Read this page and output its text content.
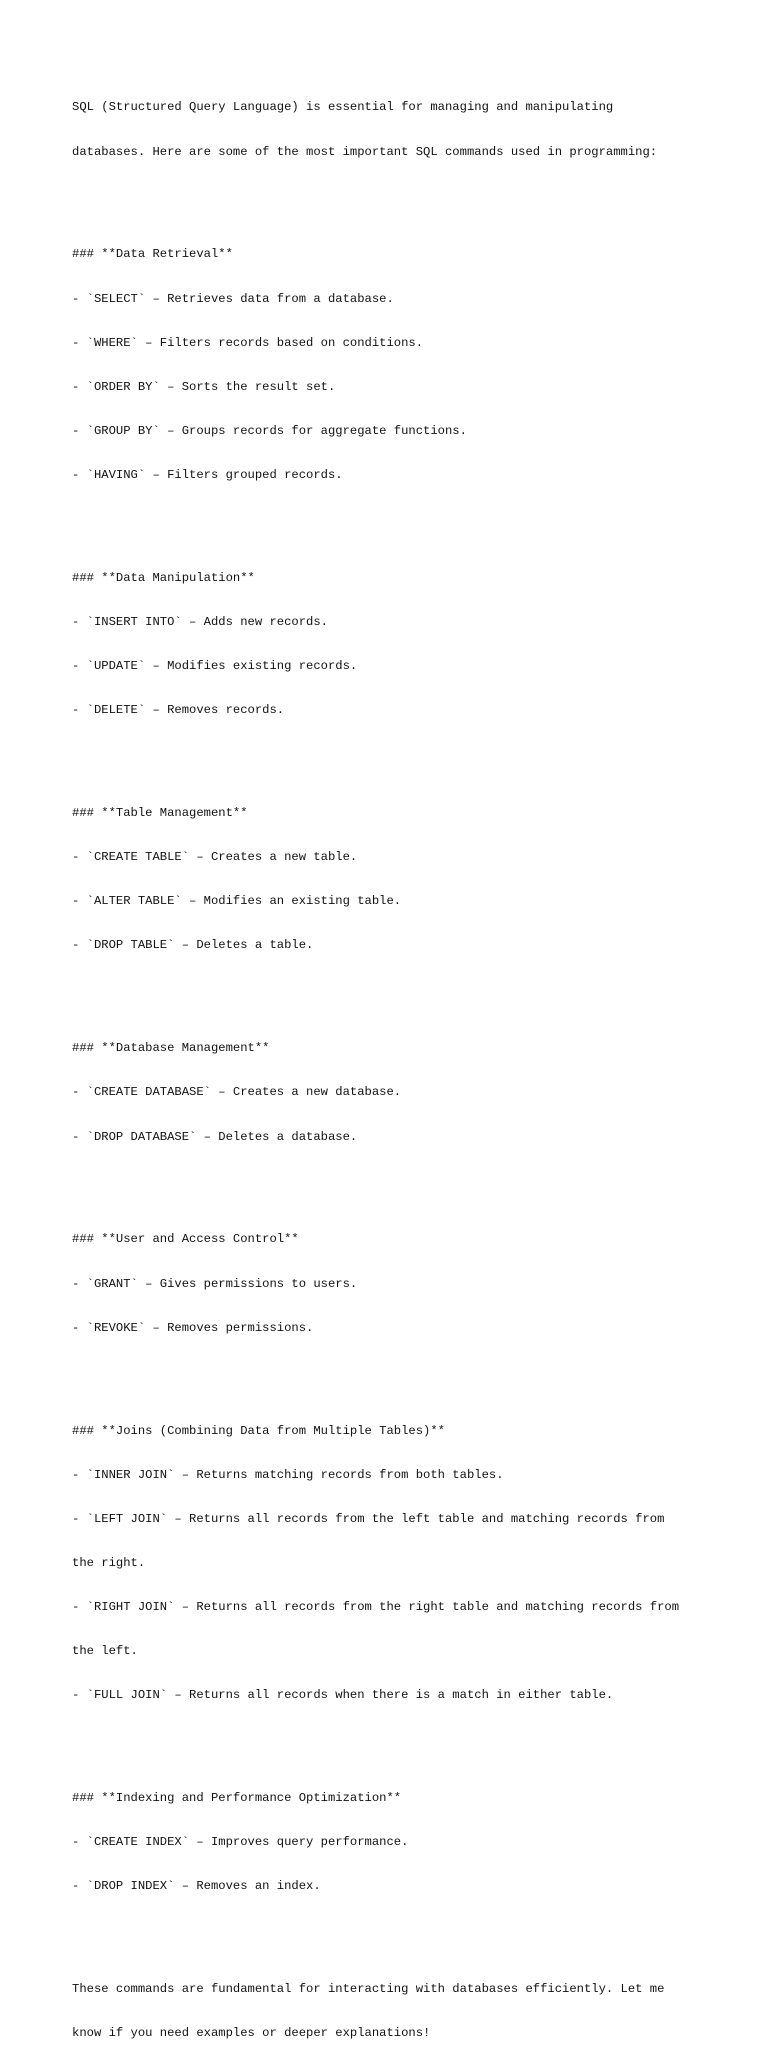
SQL (Structured Query Language) is essential for managing and manipulating

databases. Here are some of the most important SQL commands used in programming:

### **Data Retrieval**

- `SELECT` – Retrieves data from a database.

- `WHERE` – Filters records based on conditions.

- `ORDER BY` – Sorts the result set.

- `GROUP BY` – Groups records for aggregate functions.

- `HAVING` – Filters grouped records.

### **Data Manipulation**

- `INSERT INTO` – Adds new records.

- `UPDATE` – Modifies existing records.

- `DELETE` – Removes records.

### **Table Management**

- `CREATE TABLE` – Creates a new table.

- `ALTER TABLE` – Modifies an existing table.

- `DROP TABLE` – Deletes a table.

### **Database Management**

- `CREATE DATABASE` – Creates a new database.

- `DROP DATABASE` – Deletes a database.

### **User and Access Control**

- `GRANT` – Gives permissions to users.

- `REVOKE` – Removes permissions.

### **Joins (Combining Data from Multiple Tables)**

- `INNER JOIN` – Returns matching records from both tables.

- `LEFT JOIN` – Returns all records from the left table and matching records from

the right.

- `RIGHT JOIN` – Returns all records from the right table and matching records from

the left.

- `FULL JOIN` – Returns all records when there is a match in either table.

### **Indexing and Performance Optimization**

- `CREATE INDEX` – Improves query performance.

- `DROP INDEX` – Removes an index.

These commands are fundamental for interacting with databases efficiently. Let me

know if you need examples or deeper explanations!
